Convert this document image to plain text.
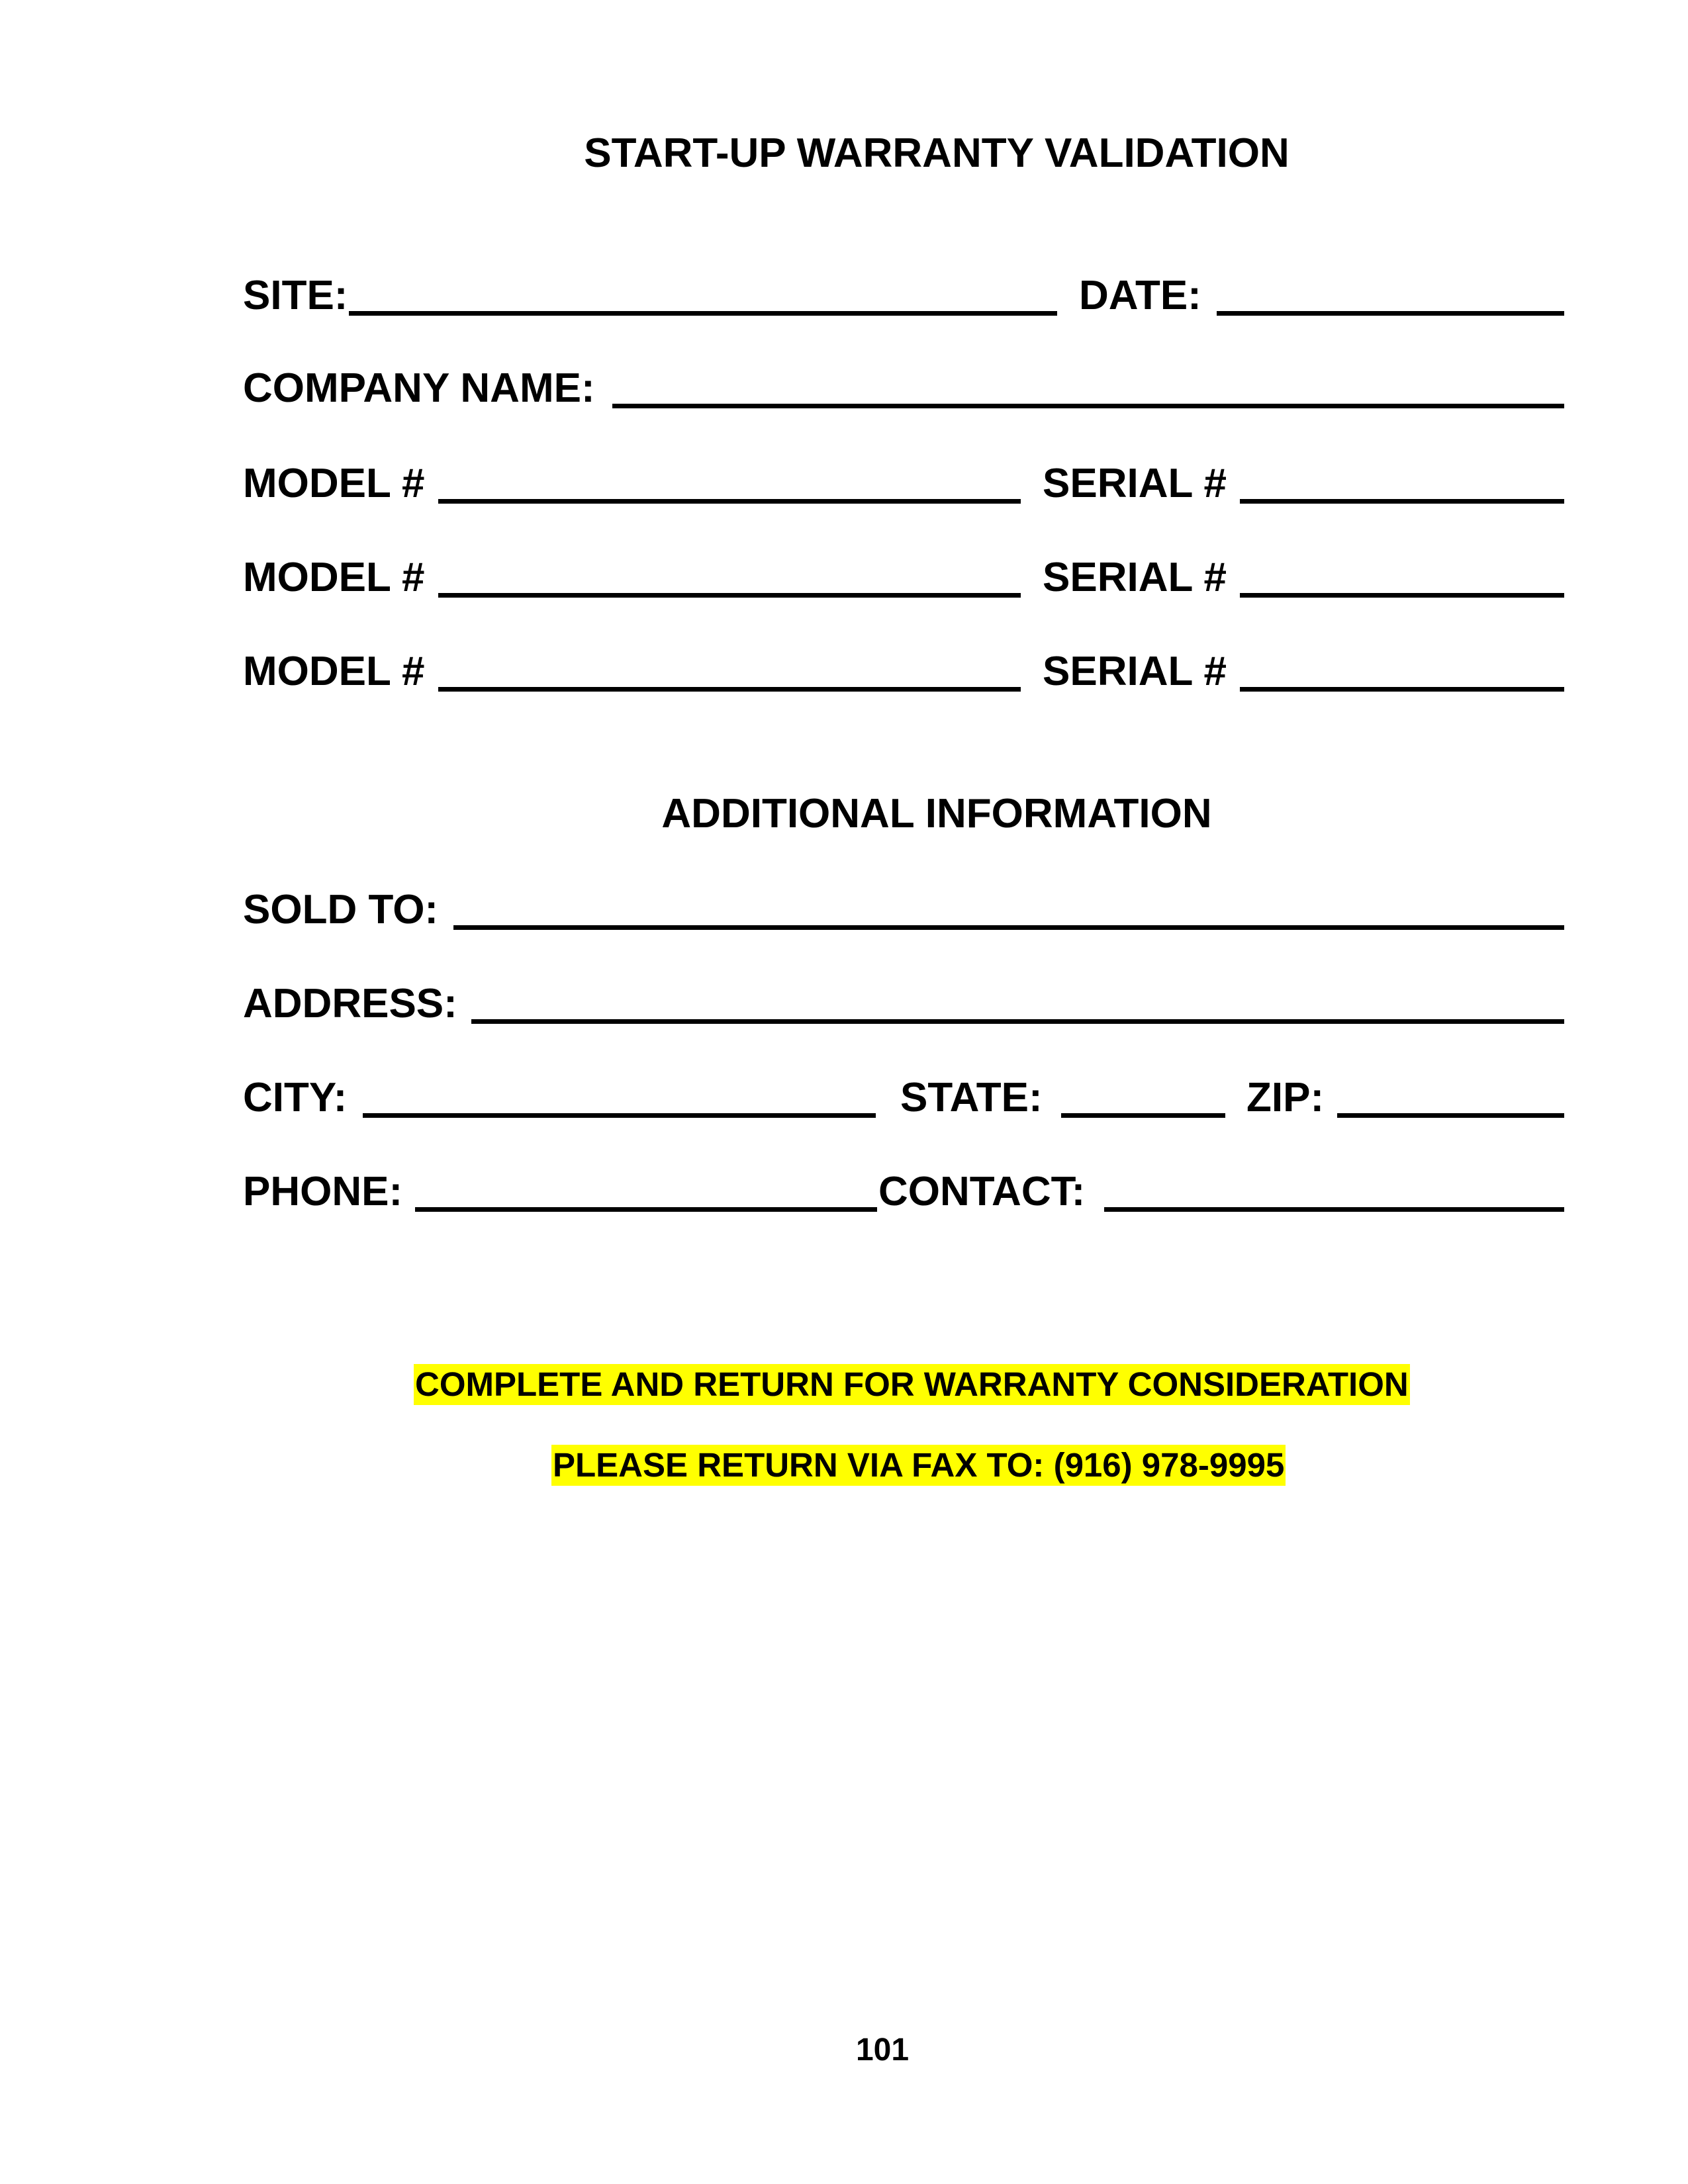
START-UP WARRANTY VALIDATION
SITE:	DATE:
COMPANY NAME:
MODEL #	SERIAL #
MODEL #	SERIAL #
MODEL #	SERIAL #
ADDITIONAL INFORMATION
SOLD TO:
ADDRESS:
CITY:	STATE:	ZIP:
PHONE:	CONTACT:
COMPLETE AND RETURN FOR WARRANTY CONSIDERATION
PLEASE RETURN VIA FAX TO: (916) 978-9995
101
